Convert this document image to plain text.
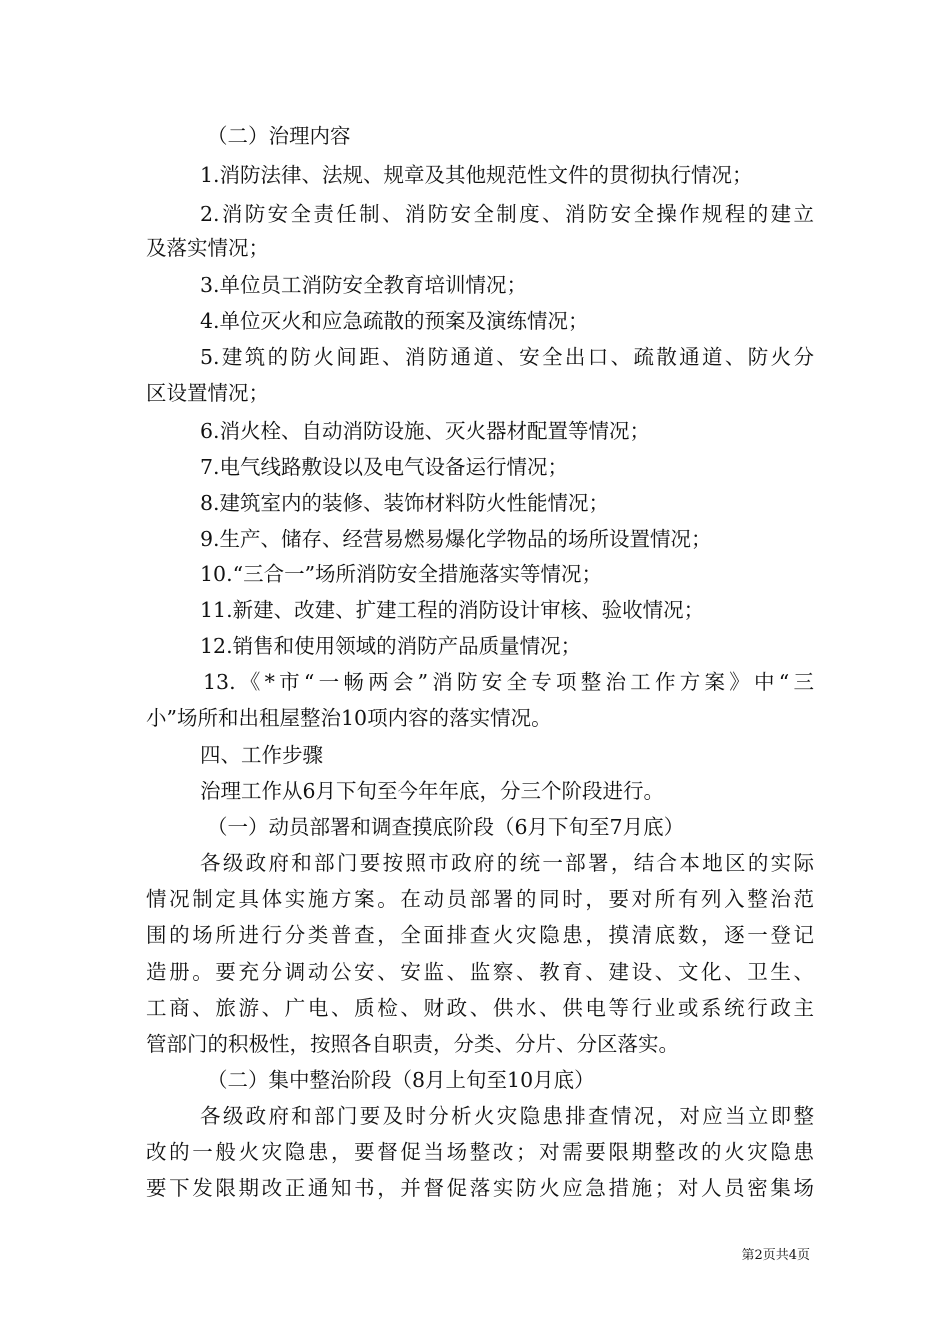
（二）治理内容
1.消防法律、法规、规章及其他规范性文件的贯彻执行情况；
2.消防安全责任制、消防安全制度、消防安全操作规程的建立
及落实情况；
3.单位员工消防安全教育培训情况；
4.单位灭火和应急疏散的预案及演练情况；
5.建筑的防火间距、消防通道、安全出口、疏散通道、防火分
区设置情况；
6.消火栓、自动消防设施、灭火器材配置等情况；
7.电气线路敷设以及电气设备运行情况；
8.建筑室内的装修、装饰材料防火性能情况；
9.生产、储存、经营易燃易爆化学物品的场所设置情况；
10.“三合一”场所消防安全措施落实等情况；
11.新建、改建、扩建工程的消防设计审核、验收情况；
12.销售和使用领域的消防产品质量情况；
13.《*市“一畅两会”消防安全专项整治工作方案》中“三
小”场所和出租屋整治10项内容的落实情况。
四、工作步骤
治理工作从6月下旬至今年年底，分三个阶段进行。
（一）动员部署和调查摸底阶段（6月下旬至7月底）
各级政府和部门要按照市政府的统一部署，结合本地区的实际
情况制定具体实施方案。在动员部署的同时，要对所有列入整治范
围的场所进行分类普查，全面排查火灾隐患，摸清底数，逐一登记
造册。要充分调动公安、安监、监察、教育、建设、文化、卫生、
工商、旅游、广电、质检、财政、供水、供电等行业或系统行政主
管部门的积极性，按照各自职责，分类、分片、分区落实。
（二）集中整治阶段（8月上旬至10月底）
各级政府和部门要及时分析火灾隐患排查情况，对应当立即整
改的一般火灾隐患，要督促当场整改；对需要限期整改的火灾隐患
要下发限期改正通知书，并督促落实防火应急措施；对人员密集场
第2页共4页
